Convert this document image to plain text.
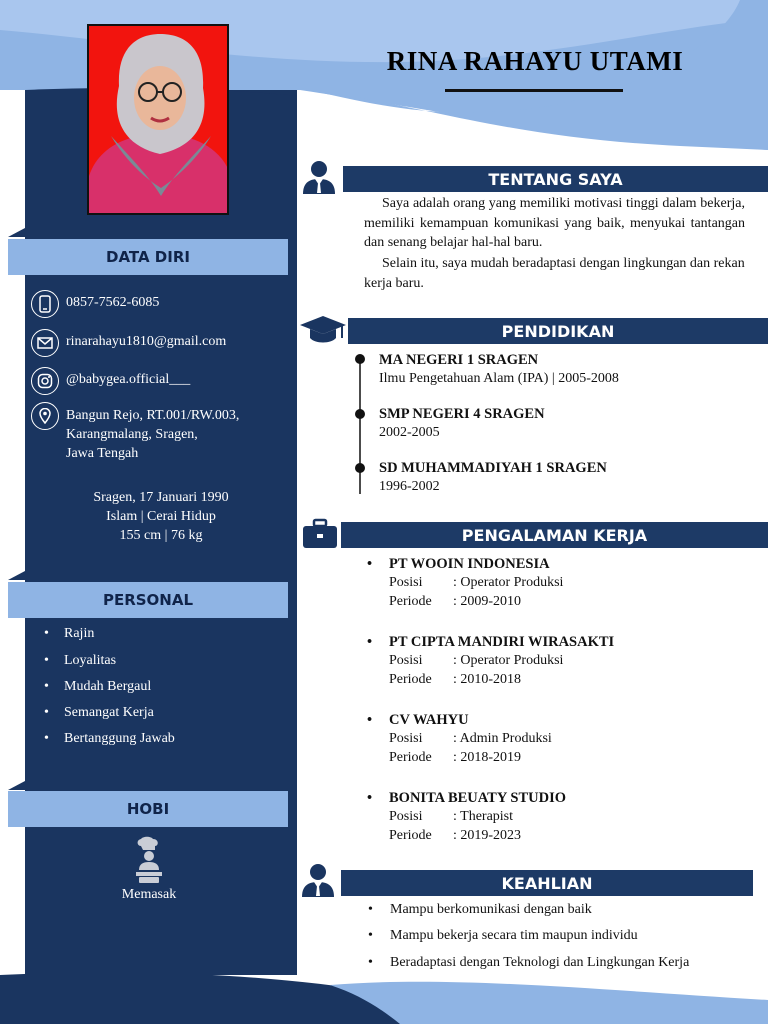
RINA RAHAYU UTAMI
DATA DIRI
0857-7562-6085
rinarahayu1810@gmail.com
@babygea.official___
Bangun Rejo, RT.001/RW.003,
Karangmalang, Sragen,
Jawa Tengah
Sragen, 17 Januari 1990
Islam | Cerai Hidup
155 cm | 76 kg
PERSONAL
• Rajin
• Loyalitas
• Mudah Bergaul
• Semangat Kerja
• Bertanggung Jawab
HOBI
Memasak
TENTANG SAYA
Saya adalah orang yang memiliki motivasi tinggi dalam bekerja, memiliki kemampuan komunikasi yang baik, menyukai tantangan dan senang belajar hal-hal baru.
Selain itu, saya mudah beradaptasi dengan lingkungan dan rekan kerja baru.
PENDIDIKAN
MA NEGERI 1 SRAGEN
Ilmu Pengetahuan Alam (IPA) | 2005-2008
SMP NEGERI 4 SRAGEN
2002-2005
SD MUHAMMADIYAH 1 SRAGEN
1996-2002
PENGALAMAN KERJA
• PT WOOIN INDONESIA
Posisi : Operator Produksi
Periode : 2009-2010
• PT CIPTA MANDIRI WIRASAKTI
Posisi : Operator Produksi
Periode : 2010-2018
• CV WAHYU
Posisi : Admin Produksi
Periode : 2018-2019
• BONITA BEUATY STUDIO
Posisi : Therapist
Periode : 2019-2023
KEAHLIAN
• Mampu berkomunikasi dengan baik
• Mampu bekerja secara tim maupun individu
• Beradaptasi dengan Teknologi dan Lingkungan Kerja
